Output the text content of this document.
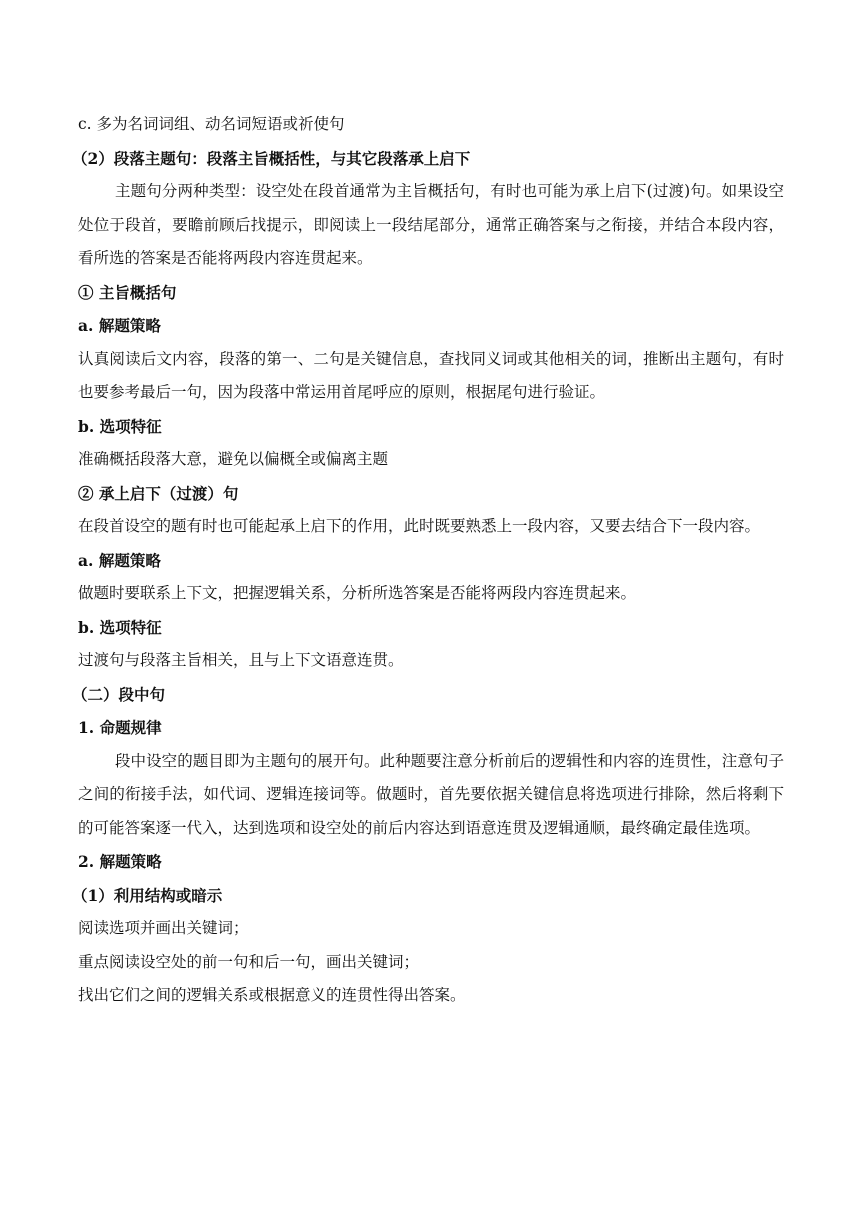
c. 多为名词词组、动名词短语或祈使句

（2）段落主题句：段落主旨概括性，与其它段落承上启下

主题句分两种类型：设空处在段首通常为主旨概括句，有时也可能为承上启下(过渡)句。如果设空处位于段首，要瞻前顾后找提示，即阅读上一段结尾部分，通常正确答案与之衔接，并结合本段内容，看所选的答案是否能将两段内容连贯起来。

① 主旨概括句

a. 解题策略

认真阅读后文内容，段落的第一、二句是关键信息，查找同义词或其他相关的词，推断出主题句，有时也要参考最后一句，因为段落中常运用首尾呼应的原则，根据尾句进行验证。

b. 选项特征

准确概括段落大意，避免以偏概全或偏离主题

② 承上启下（过渡）句

在段首设空的题有时也可能起承上启下的作用，此时既要熟悉上一段内容，又要去结合下一段内容。

a. 解题策略

做题时要联系上下文，把握逻辑关系，分析所选答案是否能将两段内容连贯起来。

b. 选项特征

过渡句与段落主旨相关，且与上下文语意连贯。

（二）段中句

1. 命题规律

段中设空的题目即为主题句的展开句。此种题要注意分析前后的逻辑性和内容的连贯性，注意句子之间的衔接手法，如代词、逻辑连接词等。做题时，首先要依据关键信息将选项进行排除，然后将剩下的可能答案逐一代入，达到选项和设空处的前后内容达到语意连贯及逻辑通顺，最终确定最佳选项。

2. 解题策略

（1）利用结构或暗示

阅读选项并画出关键词；

重点阅读设空处的前一句和后一句，画出关键词；

找出它们之间的逻辑关系或根据意义的连贯性得出答案。
